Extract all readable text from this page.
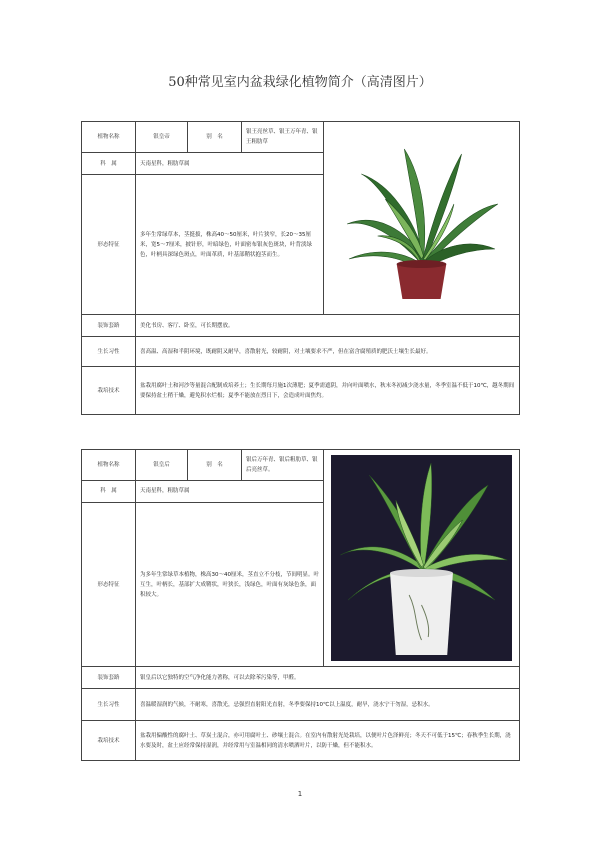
50种常见室内盆栽绿化植物简介（高清图片）
植物名称	银皇帝	别　名	银王亮丝草、银王万年青、银王粗肋草	

科　属	天南星科，粗肋草属			
形态特征	多年生常绿草本，茎挺拔，株高40～50厘米，叶片狭窄，长20～35厘米，宽5～7厘米，披针形，叶暗绿色，叶面密布银灰色斑块，叶背淡绿色，叶柄具深绿色斑点，叶面革质，叶基部鞘状抱茎而生。			
装饰套路	美化书房、客厅、卧室，可长期摆放。			
生长习性	喜高温、高湿和半阴环境，既耐阴又耐旱，喜散射光，较耐阴，对土壤要求不严，但在富含腐殖质的肥沃土壤生长最好。			
栽培技术	盆栽用腐叶土和河沙等量混合配制成培养土；生长期每月施1次薄肥；夏季需遮阴，并向叶面喷水，秋末冬初减少浇水量，冬季室温不低于10℃，越冬期间要保持盆土稍干燥，避免积水烂根；夏季不能放在烈日下，会造成叶面焦灼。			
植物名称	银皇后	别　名	银后万年青、银后粗肋草、银后亮丝草。	

科　属	天南星科，粗肋草属			
形态特征	为多年生常绿草本植物，株高30～40厘米，茎直立不分枝，节间明显。叶互生，叶柄长，基部扩大成鞘状，叶狭长，浅绿色，叶面有灰绿色条，面积较大。			
装饰套路	银皇后以它独特的空气净化能力著称，可以去除苯污染等，甲醛。			
生长习性	喜温暖湿润的气候，不耐寒，喜散光，忌强烈直射阳光直射，冬季要保持10℃以上温度，耐旱，浇水宁干勿湿，忌积水。			
栽培技术	盆栽用偏酸性的腐叶土、草炭土混合，亦可用腐叶土、砂壤土混合。在室内有散射光处栽培，以便叶片色泽鲜亮；冬天不可低于15℃；春秋季生长期，浇水要及时，盆土应经常保持湿润，并经常用与室温相同的清水喷洒叶片，以防干燥，但不能积水。			
1
